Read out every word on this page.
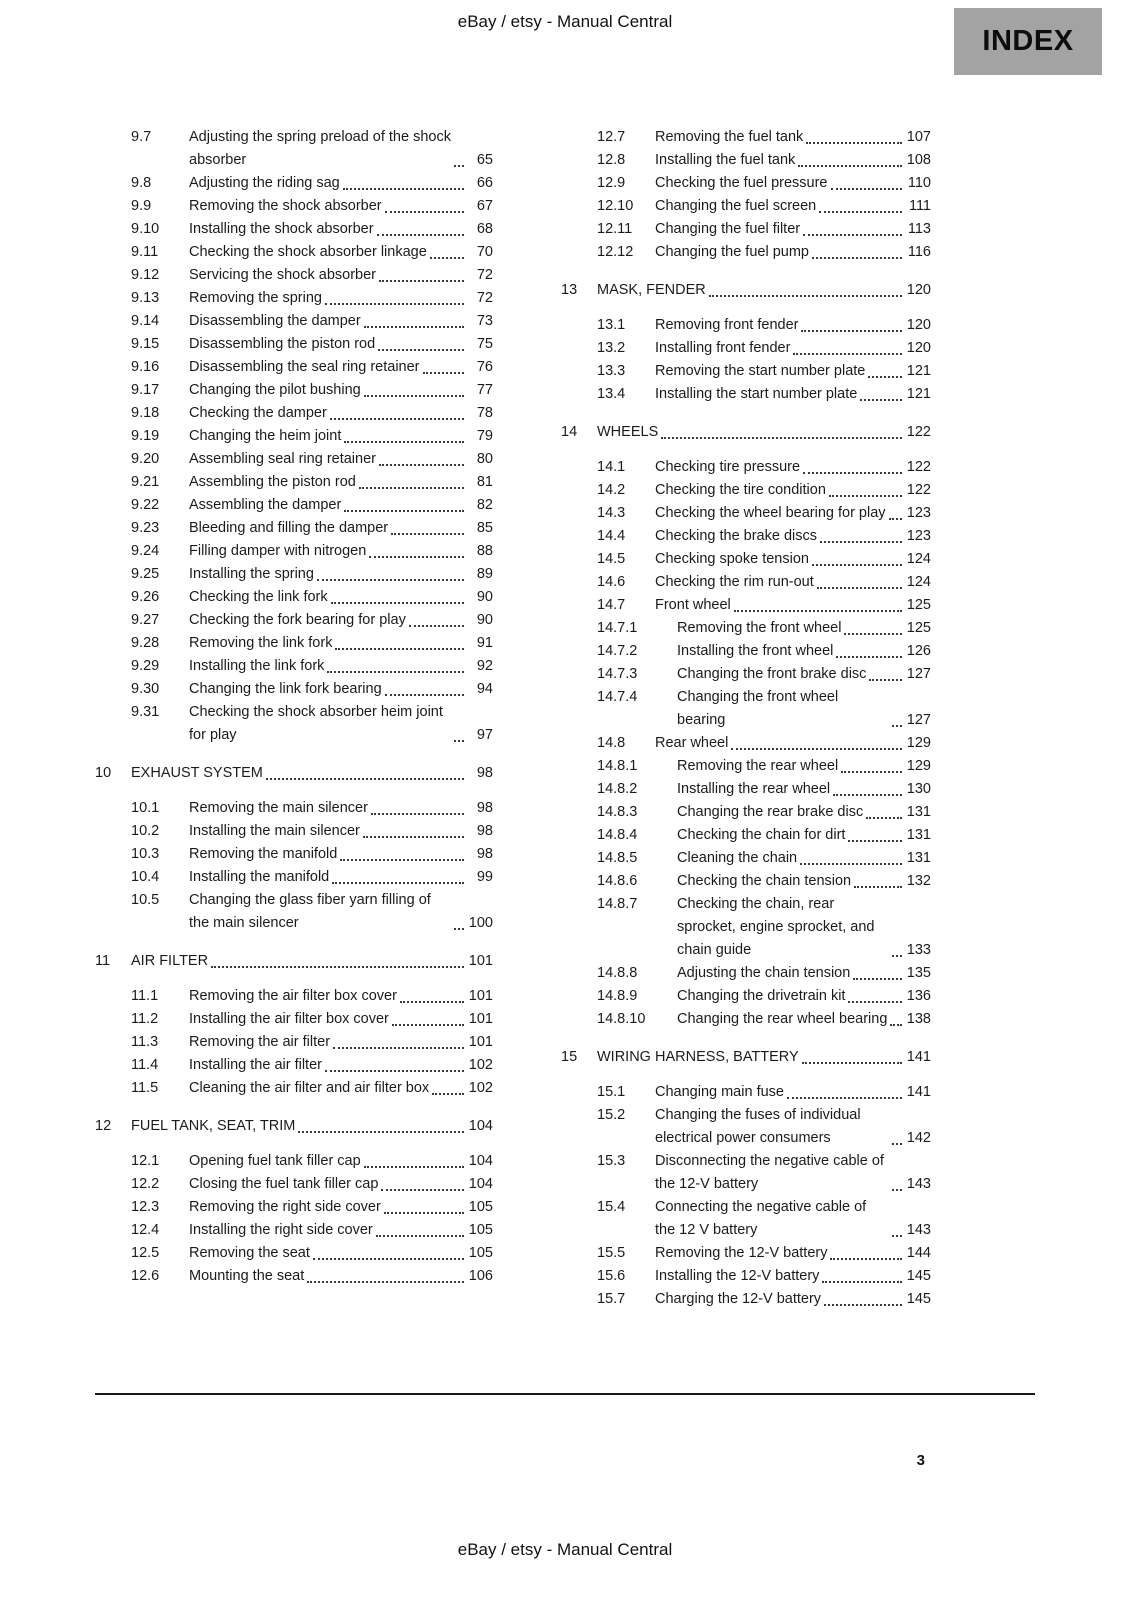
eBay / etsy - Manual Central
INDEX
9.7	Adjusting the spring preload of the shock absorber	65
9.8	Adjusting the riding sag	66
9.9	Removing the shock absorber	67
9.10	Installing the shock absorber	68
9.11	Checking the shock absorber linkage	70
9.12	Servicing the shock absorber	72
9.13	Removing the spring	72
9.14	Disassembling the damper	73
9.15	Disassembling the piston rod	75
9.16	Disassembling the seal ring retainer	76
9.17	Changing the pilot bushing	77
9.18	Checking the damper	78
9.19	Changing the heim joint	79
9.20	Assembling seal ring retainer	80
9.21	Assembling the piston rod	81
9.22	Assembling the damper	82
9.23	Bleeding and filling the damper	85
9.24	Filling damper with nitrogen	88
9.25	Installing the spring	89
9.26	Checking the link fork	90
9.27	Checking the fork bearing for play	90
9.28	Removing the link fork	91
9.29	Installing the link fork	92
9.30	Changing the link fork bearing	94
9.31	Checking the shock absorber heim joint for play	97
10	EXHAUST SYSTEM	98
10.1	Removing the main silencer	98
10.2	Installing the main silencer	98
10.3	Removing the manifold	98
10.4	Installing the manifold	99
10.5	Changing the glass fiber yarn filling of the main silencer	100
11	AIR FILTER	101
11.1	Removing the air filter box cover	101
11.2	Installing the air filter box cover	101
11.3	Removing the air filter	101
11.4	Installing the air filter	102
11.5	Cleaning the air filter and air filter box	102
12	FUEL TANK, SEAT, TRIM	104
12.1	Opening fuel tank filler cap	104
12.2	Closing the fuel tank filler cap	104
12.3	Removing the right side cover	105
12.4	Installing the right side cover	105
12.5	Removing the seat	105
12.6	Mounting the seat	106
12.7	Removing the fuel tank	107
12.8	Installing the fuel tank	108
12.9	Checking the fuel pressure	110
12.10	Changing the fuel screen	111
12.11	Changing the fuel filter	113
12.12	Changing the fuel pump	116
13	MASK, FENDER	120
13.1	Removing front fender	120
13.2	Installing front fender	120
13.3	Removing the start number plate	121
13.4	Installing the start number plate	121
14	WHEELS	122
14.1	Checking tire pressure	122
14.2	Checking the tire condition	122
14.3	Checking the wheel bearing for play 123
14.4	Checking the brake discs	123
14.5	Checking spoke tension	124
14.6	Checking the rim run-out	124
14.7	Front wheel	125
14.7.1	Removing the front wheel	125
14.7.2	Installing the front wheel	126
14.7.3	Changing the front brake disc	127
14.7.4	Changing the front wheel bearing	127
14.8	Rear wheel	129
14.8.1	Removing the rear wheel	129
14.8.2	Installing the rear wheel	130
14.8.3	Changing the rear brake disc	131
14.8.4	Checking the chain for dirt	131
14.8.5	Cleaning the chain	131
14.8.6	Checking the chain tension	132
14.8.7	Checking the chain, rear sprocket, engine sprocket, and chain guide	133
14.8.8	Adjusting the chain tension	135
14.8.9	Changing the drivetrain kit	136
14.8.10	Changing the rear wheel bearing 138
15	WIRING HARNESS, BATTERY	141
15.1	Changing main fuse	141
15.2	Changing the fuses of individual electrical power consumers	142
15.3	Disconnecting the negative cable of the 12-V battery	143
15.4	Connecting the negative cable of the 12 V battery	143
15.5	Removing the 12-V battery	144
15.6	Installing the 12-V battery	145
15.7	Charging the 12-V battery	145
3
eBay / etsy - Manual Central
